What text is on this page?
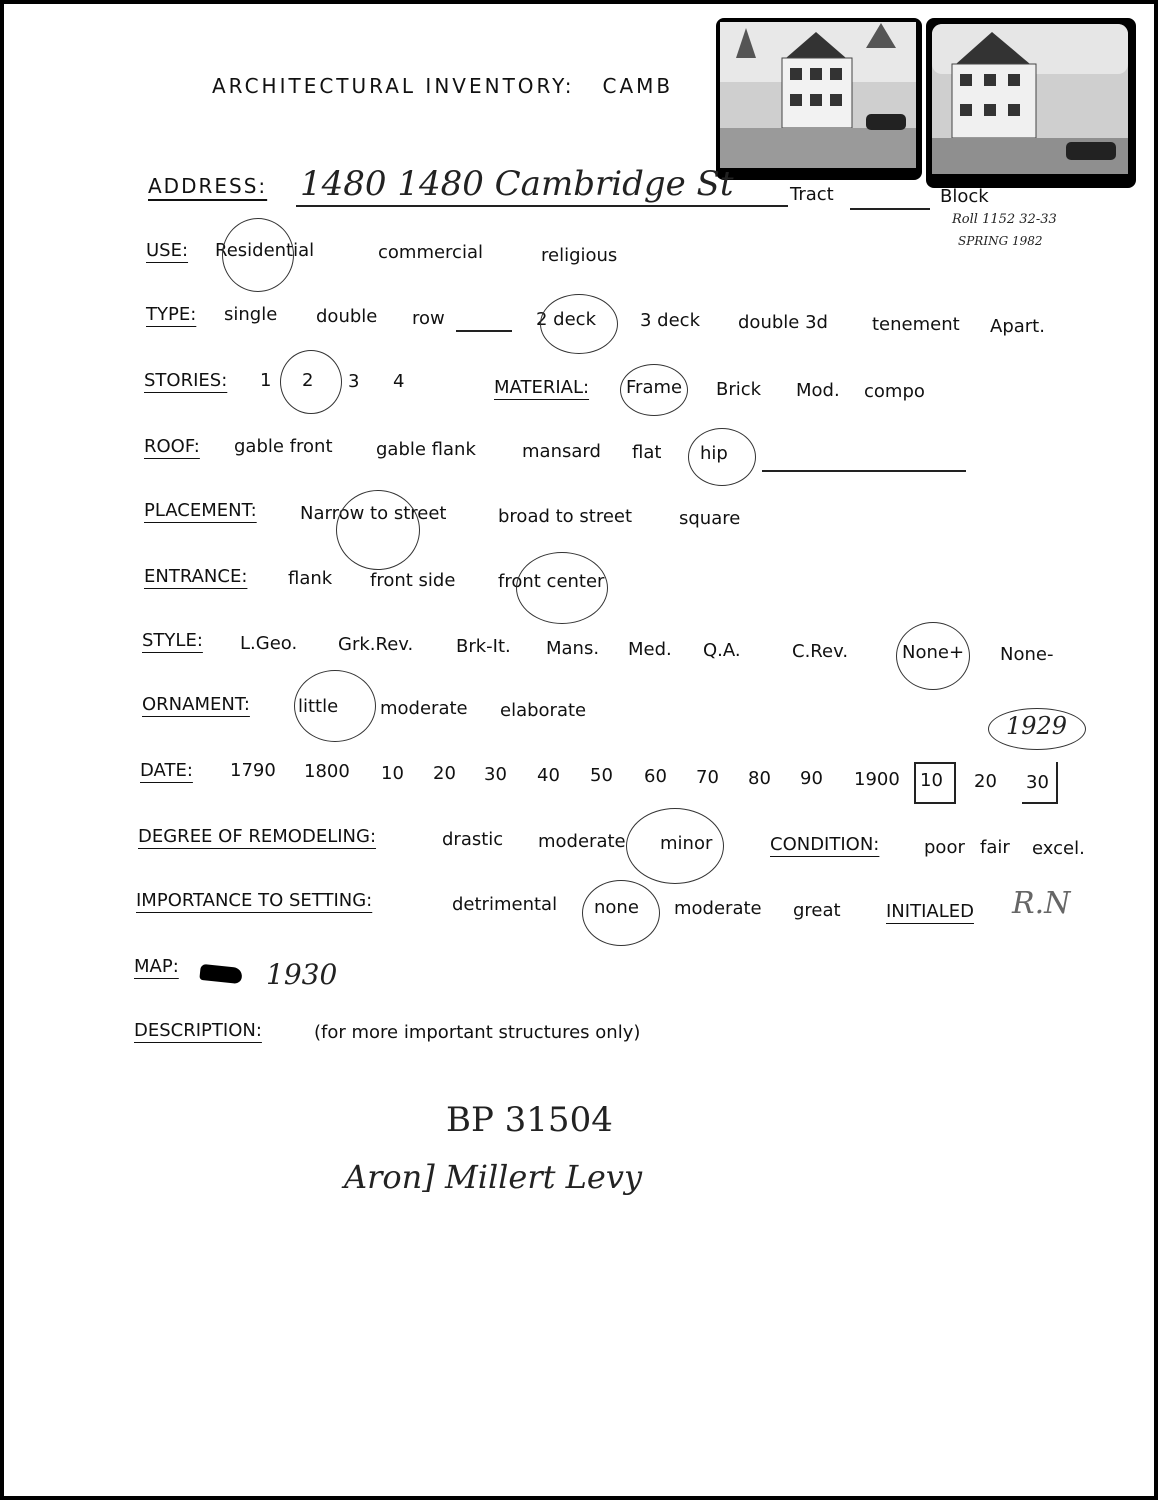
ARCHITECTURAL INVENTORY: CAMB
ADDRESS: 1480 1480 Cambridge St	Tract	Block
Roll 1152 32-33
SPRING 1982
USE: Residential	commercial	religious
TYPE: single double row	2 deck 3 deck double 3d tenement Apart.
STORIES: 1 2 3 4	MATERIAL: Frame Brick Mod. compo
ROOF: gable front gable flank	mansard flat hip
PLACEMENT: Narrow to street	broad to street	square
ENTRANCE: flank front side front center
STYLE: L.Geo. Grk.Rev. Brk-It. Mans. Med. Q.A.	C.Rev.	None+ None-
ORNAMENT:	little moderate elaborate
DATE: 1790 1800 10 20 30 40 50 60 70 80 90 1900 10 20 30
1929
DEGREE OF REMODELING:	drastic moderate minor	CONDITION: poor fair excel.
IMPORTANCE TO SETTING:	detrimental none moderate great	INITIALED R.N
MAP:	1930
DESCRIPTION:	(for more important structures only)
BP 31504
Aron] Millert Levy
